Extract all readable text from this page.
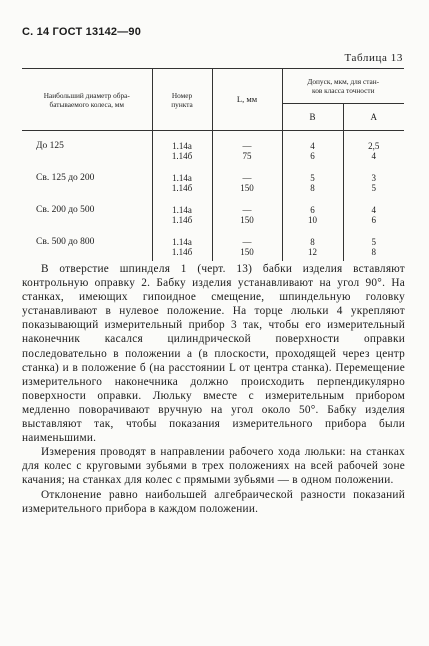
С. 14 ГОСТ 13142—90
Таблица 13
Наибольший диаметр обра-
батываемого колеса, мм	Номер
пункта	L, мм	Допуск, мкм, для стан-
ков класса точности	
			В	А
До 125	1.14а	—	4	2,5
	1.14б	75	6	4
Св. 125 до 200	1.14а	—	5	3
	1.14б	150	8	5
Св. 200 до 500	1.14а	—	6	4
	1.14б	150	10	6
Св. 500 до 800	1.14а	—	8	5
	1.14б	150	12	8

В отверстие шпинделя 1 (черт. 13) бабки изделия вставляют контрольную оправку 2. Бабку изделия устанавливают на угол 90°. На станках, имеющих гипоидное смещение, шпиндельную головку устанавливают в нулевое положение. На торце люльки 4 укрепляют показывающий измерительный прибор 3 так, чтобы его измерительный наконечник касался цилиндрической поверхности оправки последовательно в положении а (в плоскости, проходящей через центр станка) и в положение б (на расстоянии L от центра станка). Перемещение измерительного наконечника должно происходить перпендикулярно поверхности оправки. Люльку вместе с измерительным прибором медленно поворачивают вручную на угол около 50°. Бабку изделия выставляют так, чтобы показания измерительного прибора были наименьшими.

Измерения проводят в направлении рабочего хода люльки: на станках для колес с круговыми зубьями в трех положениях на всей рабочей зоне качания; на станках для колес с прямыми зубьями — в одном положении.

Отклонение равно наибольшей алгебраической разности показаний измерительного прибора в каждом положении.
